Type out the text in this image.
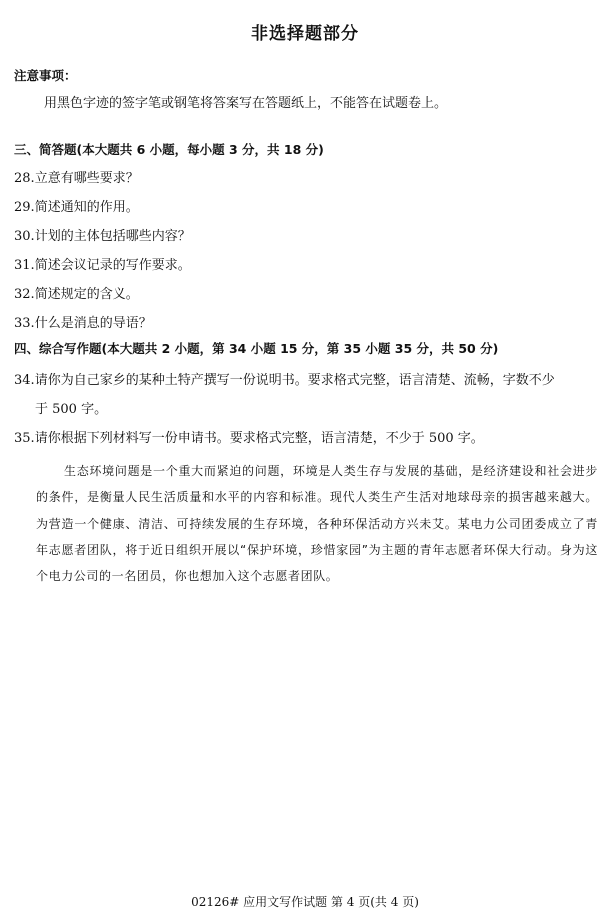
非选择题部分
注意事项：
用黑色字迹的签字笔或钢笔将答案写在答题纸上，不能答在试题卷上。
三、简答题(本大题共 6 小题，每小题 3 分，共 18 分)
28.立意有哪些要求？
29.简述通知的作用。
30.计划的主体包括哪些内容？
31.简述会议记录的写作要求。
32.简述规定的含义。
33.什么是消息的导语？
四、综合写作题(本大题共 2 小题，第 34 小题 15 分，第 35 小题 35 分，共 50 分)
34.请你为自己家乡的某种土特产撰写一份说明书。要求格式完整，语言清楚、流畅，字数不少
于 500 字。
35.请你根据下列材料写一份申请书。要求格式完整，语言清楚，不少于 500 字。

生态环境问题是一个重大而紧迫的问题，环境是人类生存与发展的基础，是经济建设和社会进步的条件，是衡量人民生活质量和水平的内容和标准。现代人类生产生活对地球母亲的损害越来越大。为营造一个健康、清洁、可持续发展的生存环境，各种环保活动方兴未艾。某电力公司团委成立了青年志愿者团队，将于近日组织开展以“保护环境，珍惜家园”为主题的青年志愿者环保大行动。身为这个电力公司的一名团员，你也想加入这个志愿者团队。

02126# 应用文写作试题 第 4 页(共 4 页)
